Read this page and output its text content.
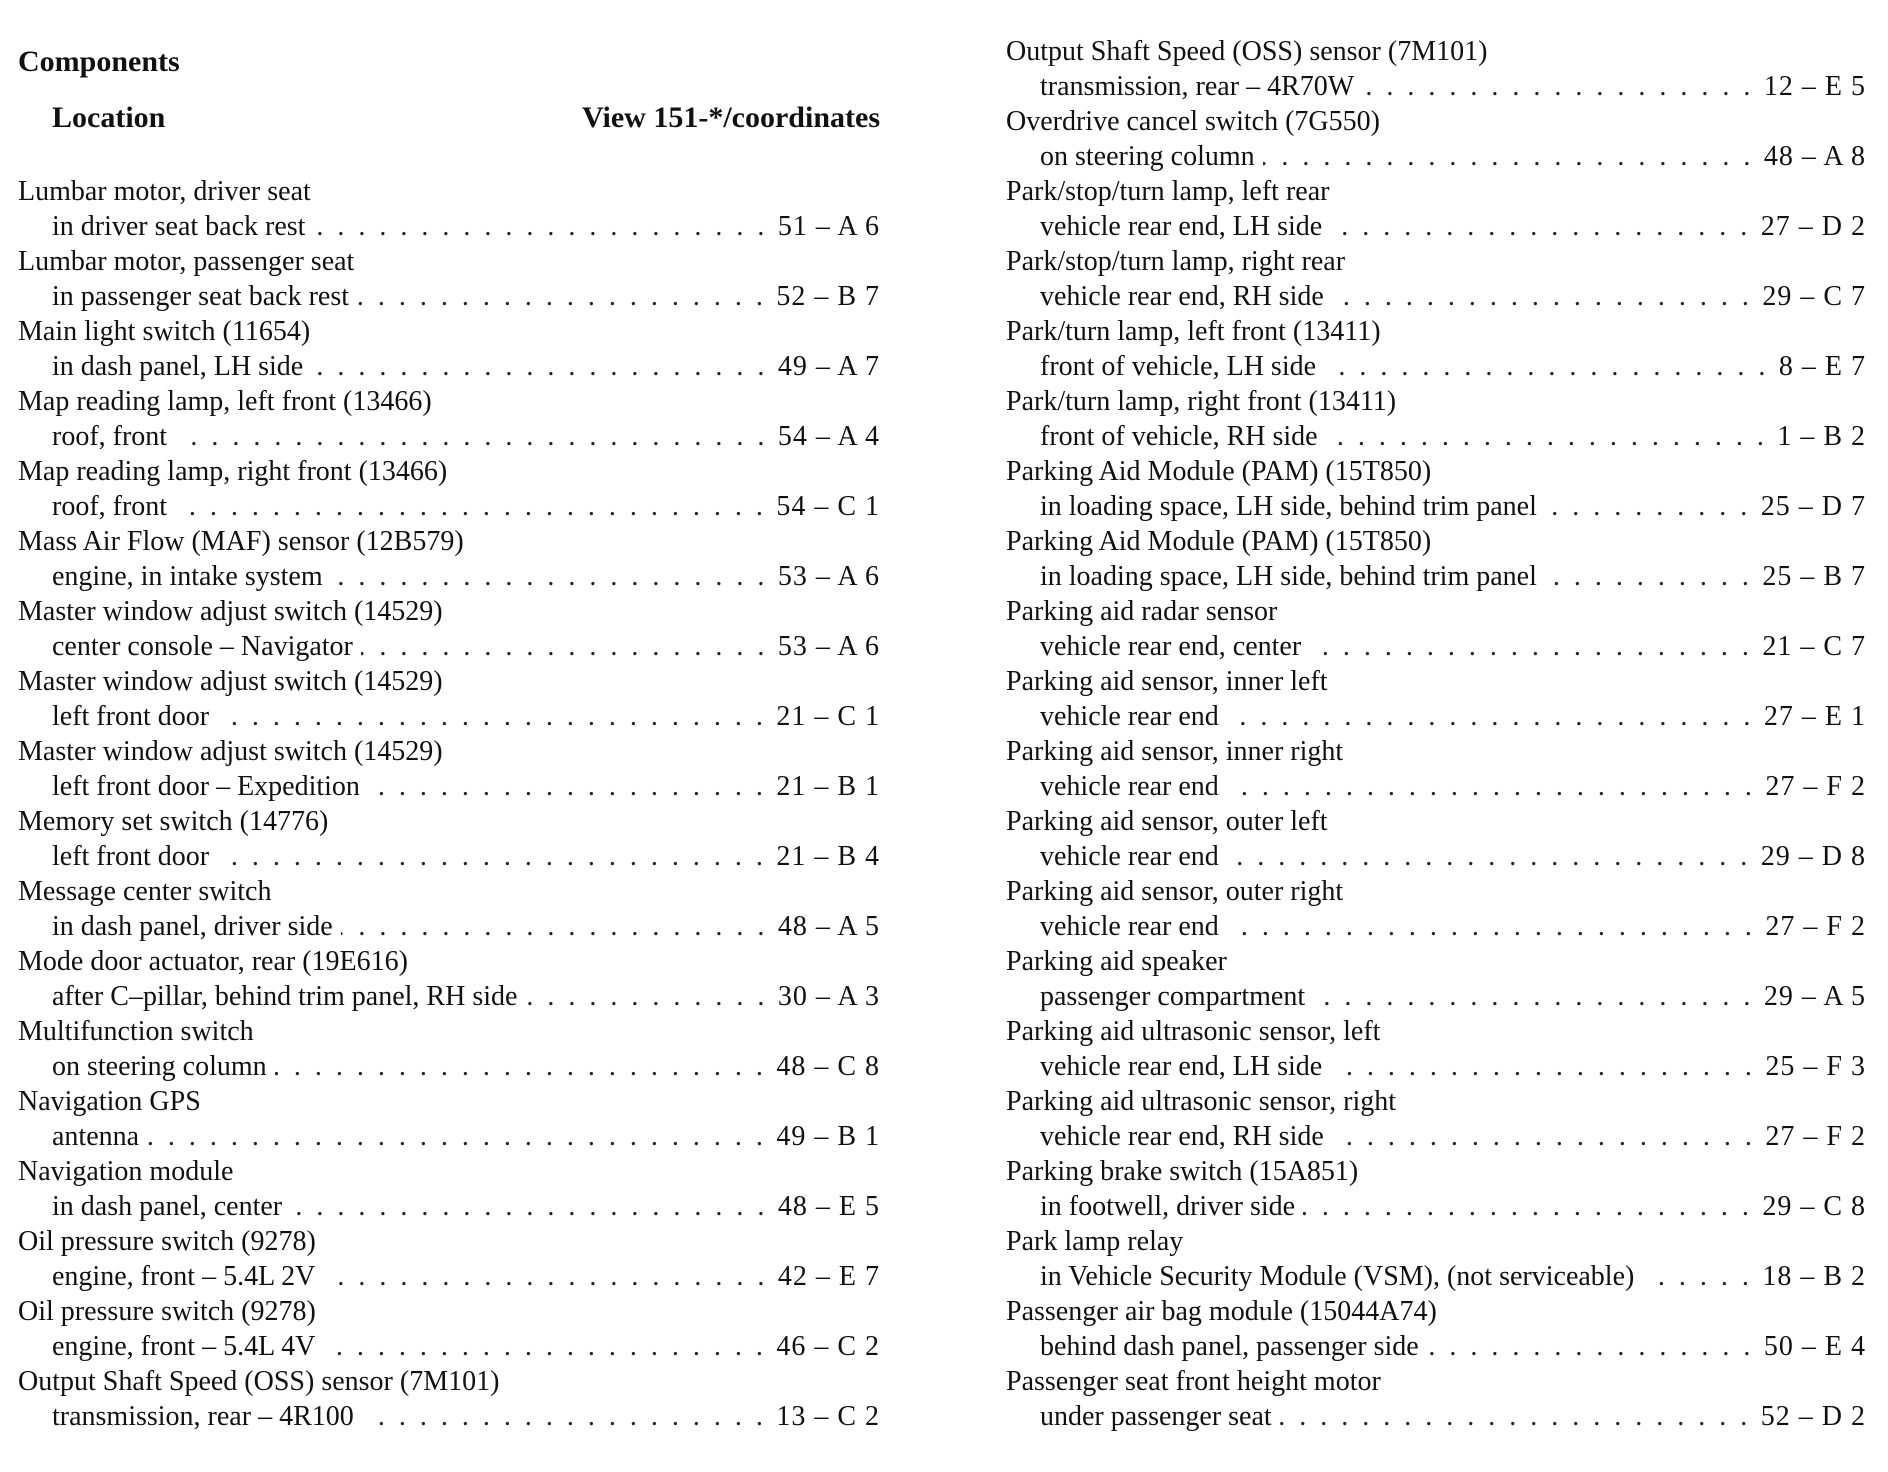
Components
Location	View 151-*/coordinates
Lumbar motor, driver seat
in driver seat back rest . . .	51 – A 6
Lumbar motor, passenger seat
in passenger seat back rest . . .	52 – B 7
Main light switch (11654)
in dash panel, LH side . . .	49 – A 7
Map reading lamp, left front (13466)
roof, front . . .	54 – A 4
Map reading lamp, right front (13466)
roof, front . . .	54 – C 1
Mass Air Flow (MAF) sensor (12B579)
engine, in intake system . . .	53 – A 6
Master window adjust switch (14529)
center console – Navigator . . .	53 – A 6
Master window adjust switch (14529)
left front door . . .	21 – C 1
Master window adjust switch (14529)
left front door – Expedition . . .	21 – B 1
Memory set switch (14776)
left front door . . .	21 – B 4
Message center switch
in dash panel, driver side . . .	48 – A 5
Mode door actuator, rear (19E616)
after C–pillar, behind trim panel, RH side . . .	30 – A 3
Multifunction switch
on steering column . . .	48 – C 8
Navigation GPS
antenna . . .	49 – B 1
Navigation module
in dash panel, center . . .	48 – E 5
Oil pressure switch (9278)
engine, front – 5.4L 2V . . .	42 – E 7
Oil pressure switch (9278)
engine, front – 5.4L 4V . . .	46 – C 2
Output Shaft Speed (OSS) sensor (7M101)
transmission, rear – 4R100 . . .	13 – C 2
Output Shaft Speed (OSS) sensor (7M101)
transmission, rear – 4R70W . . .	12 – E 5
Overdrive cancel switch (7G550)
on steering column . . .	48 – A 8
Park/stop/turn lamp, left rear
vehicle rear end, LH side . . .	27 – D 2
Park/stop/turn lamp, right rear
vehicle rear end, RH side . . .	29 – C 7
Park/turn lamp, left front (13411)
front of vehicle, LH side . . .	8 – E 7
Park/turn lamp, right front (13411)
front of vehicle, RH side . . .	1 – B 2
Parking Aid Module (PAM) (15T850)
in loading space, LH side, behind trim panel . . .	25 – D 7
Parking Aid Module (PAM) (15T850)
in loading space, LH side, behind trim panel . . .	25 – B 7
Parking aid radar sensor
vehicle rear end, center . . .	21 – C 7
Parking aid sensor, inner left
vehicle rear end . . .	27 – E 1
Parking aid sensor, inner right
vehicle rear end . . .	27 – F 2
Parking aid sensor, outer left
vehicle rear end . . .	29 – D 8
Parking aid sensor, outer right
vehicle rear end . . .	27 – F 2
Parking aid speaker
passenger compartment . . .	29 – A 5
Parking aid ultrasonic sensor, left
vehicle rear end, LH side . . .	25 – F 3
Parking aid ultrasonic sensor, right
vehicle rear end, RH side . . .	27 – F 2
Parking brake switch (15A851)
in footwell, driver side . . .	29 – C 8
Park lamp relay
in Vehicle Security Module (VSM), (not serviceable) . . .	18 – B 2
Passenger air bag module (15044A74)
behind dash panel, passenger side . . .	50 – E 4
Passenger seat front height motor
under passenger seat . . .	52 – D 2
